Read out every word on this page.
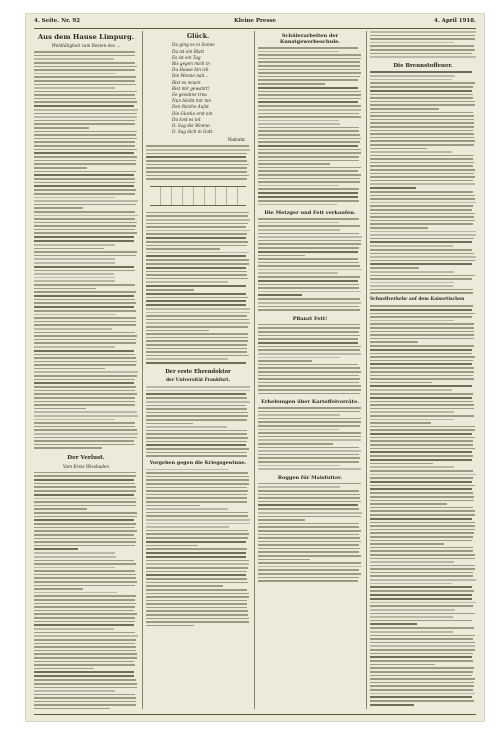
4. Seite. Nr. 92	Kleine Presse	4. April 1918.
Aus dem Hause Limpurg.
Wohltätigkeit zum Besten des ...
Der Verlust.
Vom Kreis Wiesbaden
Glück.
Du ging es in Sonne
Du ist ein Blatt
Es ist ein Tag
Bis gegen mich in
Du Hause bin ich
Die Wonne nah...
Bist es neuen
Bist mir gewahrt!
So gewinne treu
Nun bleibt mir nie
Den Reiche Aufst
Die Glocke erst ein
Du tost es tot
D. Sag die Wonne.
D. Sag dich in Gott.
Niebuhr.
Der erste Ehrendoktor
der Universität Frankfurt.
Vorgehen gegen die Kriegsgewinne.
Schülerarbeiten der Kunstgewerbeschule.
Die Metzger und Fett verkaufen.
Pflanzt Fett!
Erhebungen über Kartoffelvorräte.
Roggen für Maisfutter.
Die Brennstoffeuer.
Schnellverkehr auf dem Kaisertischen
